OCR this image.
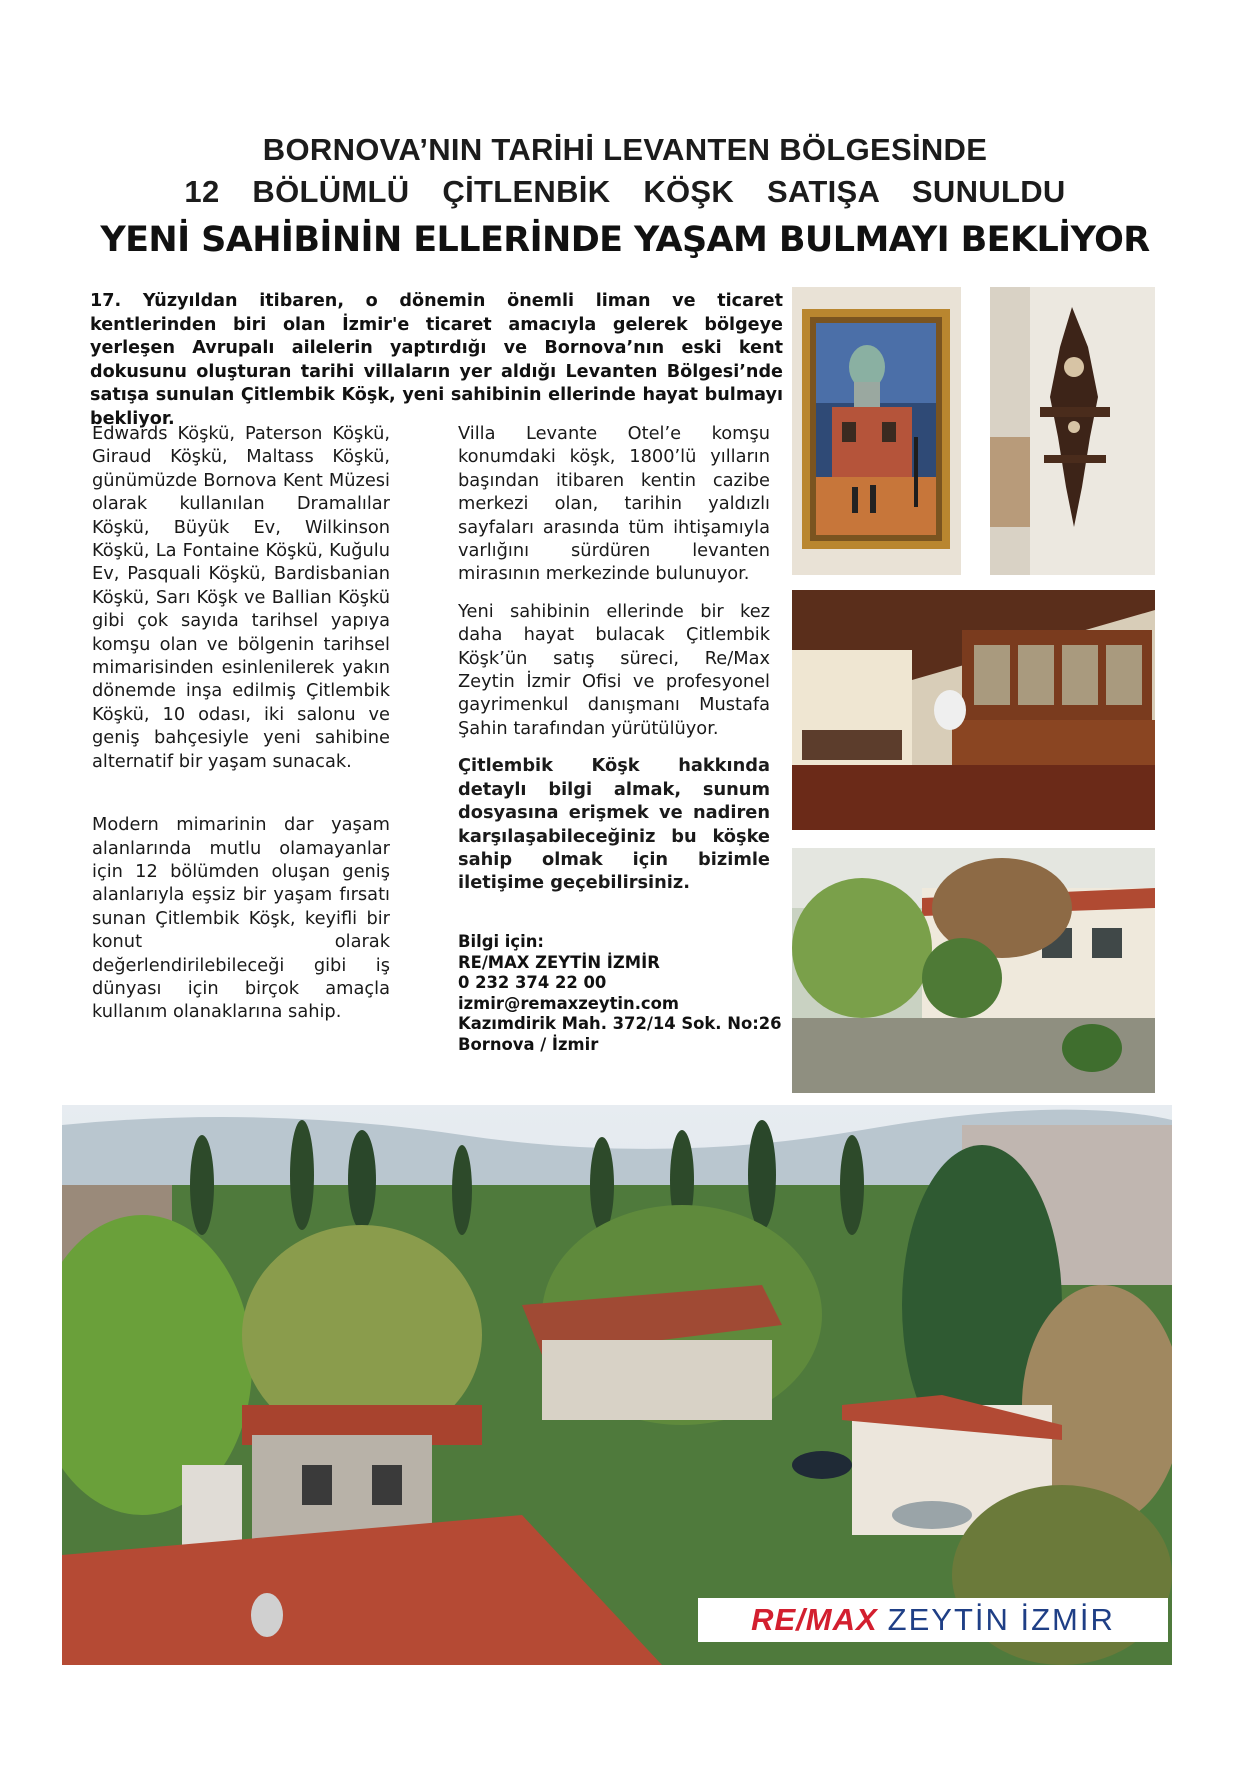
BORNOVA’NIN TARİHİ LEVANTEN BÖLGESİNDE
12 BÖLÜMLÜ ÇİTLENBİK KÖŞK SATIŞA SUNULDU
YENİ SAHİBİNİN ELLERİNDE YAŞAM BULMAYI BEKLİYOR
17. Yüzyıldan itibaren, o dönemin önemli liman ve ticaret kentlerinden biri olan İzmir'e ticaret amacıyla gelerek bölgeye yerleşen Avrupalı ailelerin yaptırdığı ve Bornova’nın eski kent dokusunu oluşturan tarihi villaların yer aldığı Levanten Bölgesi’nde satışa sunulan Çitlembik Köşk, yeni sahibinin ellerinde hayat bulmayı bekliyor.

Edwards Köşkü, Paterson Köşkü, Giraud Köşkü, Maltass Köşkü, günümüzde Bornova Kent Müzesi olarak kullanılan Dramalılar Köşkü, Büyük Ev, Wilkinson Köşkü, La Fontaine Köşkü, Kuğulu Ev, Pasquali Köşkü, Bardisbanian Köşkü, Sarı Köşk ve Ballian Köşkü gibi çok sayıda tarihsel yapıya komşu olan ve bölgenin tarihsel mimarisinden esinlenilerek yakın dönemde inşa edilmiş Çitlembik Köşkü, 10 odası, iki salonu ve geniş bahçesiyle yeni sahibine alternatif bir yaşam sunacak.

Modern mimarinin dar yaşam alanlarında mutlu olamayanlar için 12 bölümden oluşan geniş alanlarıyla eşsiz bir yaşam fırsatı sunan Çitlembik Köşk, keyifli bir konut olarak değerlendirilebileceği gibi iş dünyası için birçok amaçla kullanım olanaklarına sahip.

Villa Levante Otel’e komşu konumdaki köşk, 1800’lü yılların başından itibaren kentin cazibe merkezi olan, tarihin yaldızlı sayfaları arasında tüm ihtişamıyla varlığını sürdüren levanten mirasının merkezinde bulunuyor.

Yeni sahibinin ellerinde bir kez daha hayat bulacak Çitlembik Köşk’ün satış süreci, Re/Max Zeytin İzmir Ofisi ve profesyonel gayrimenkul danışmanı Mustafa Şahin tarafından yürütülüyor.

Çitlembik Köşk hakkında detaylı bilgi almak, sunum dosyasına erişmek ve nadiren karşılaşabileceğiniz bu köşke sahip olmak için bizimle iletişime geçebilirsiniz.

Bilgi için:
RE/MAX ZEYTİN İZMİR
0 232 374 22 00
izmir@remaxzeytin.com
Kazımdirik Mah. 372/14 Sok. No:26
Bornova / İzmir
RE/MAX ZEYTİN İZMİR
